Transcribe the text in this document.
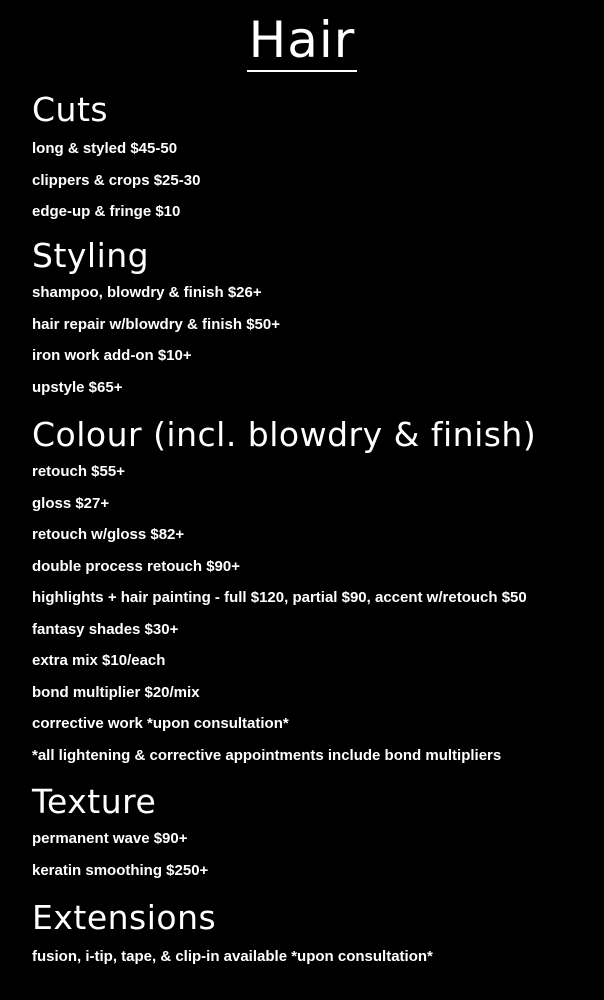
Hair
Cuts
long & styled $45-50
clippers & crops $25-30
edge-up & fringe $10
Styling
shampoo, blowdry & finish $26+
hair repair w/blowdry & finish $50+
iron work add-on $10+
upstyle $65+
Colour (incl. blowdry & finish)
retouch $55+
gloss $27+
retouch w/gloss $82+
double process retouch $90+
highlights + hair painting - full $120, partial $90, accent w/retouch $50
fantasy shades $30+
extra mix $10/each
bond multiplier $20/mix
corrective work *upon consultation*
*all lightening & corrective appointments include bond multipliers
Texture
permanent wave $90+
keratin smoothing $250+
Extensions
fusion, i-tip, tape, & clip-in available *upon consultation*
